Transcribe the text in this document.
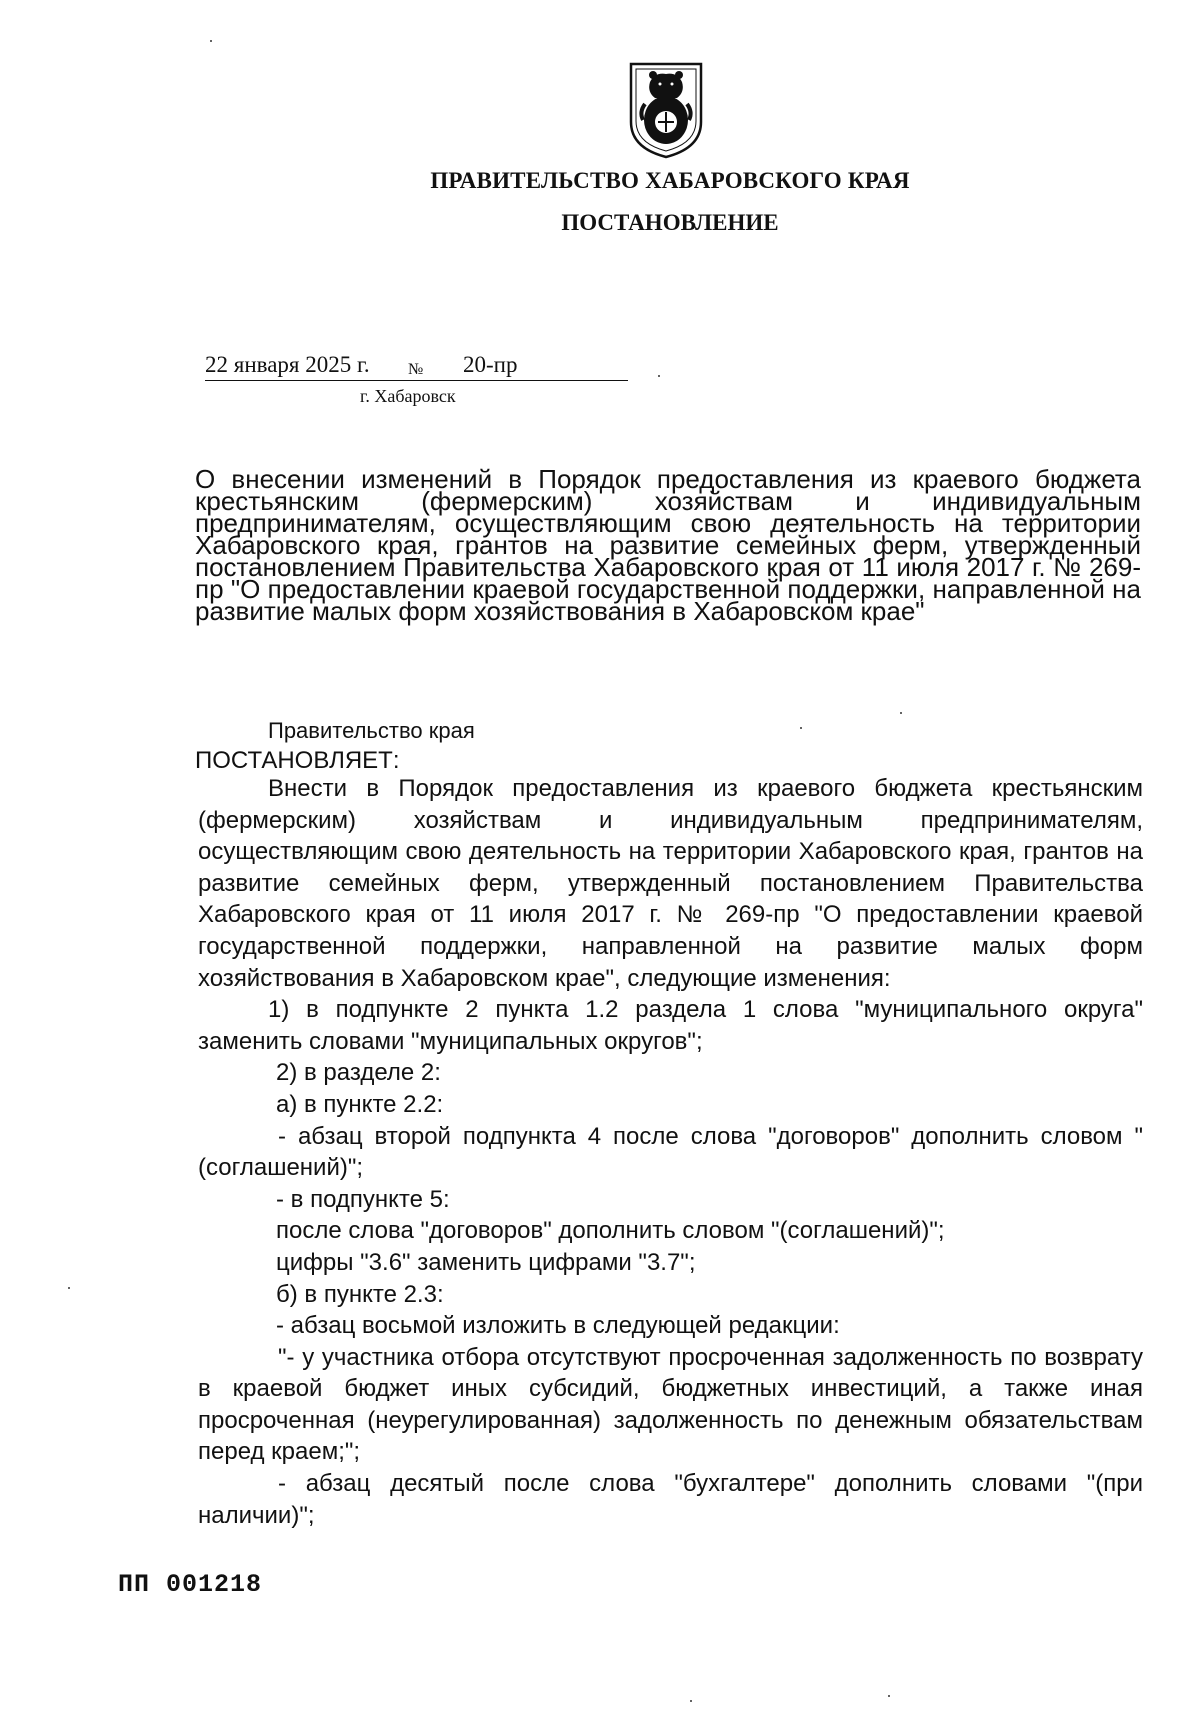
ПРАВИТЕЛЬСТВО ХАБАРОВСКОГО КРАЯ
ПОСТАНОВЛЕНИЕ
22 января 2025 г. № 20-пр
г. Хабаровск
О внесении изменений в Порядок предоставления из краевого бюджета крестьянским (фермерским) хозяйствам и индивидуальным предпринимателям, осуществляющим свою деятельность на территории Хабаровского края, грантов на развитие семейных ферм, утвержденный постановлением Правительства Хабаровского края от 11 июля 2017 г. № 269-пр "О предоставлении краевой государственной поддержки, направленной на развитие малых форм хозяйствования в Хабаровском крае"
Правительство края
ПОСТАНОВЛЯЕТ:

Внести в Порядок предоставления из краевого бюджета крестьянским (фермерским) хозяйствам и индивидуальным предпринимателям, осуществляющим свою деятельность на территории Хабаровского края, грантов на развитие семейных ферм, утвержденный постановлением Правительства Хабаровского края от 11 июля 2017 г. № 269-пр "О предоставлении краевой государственной поддержки, направленной на развитие малых форм хозяйствования в Хабаровском крае", следующие изменения:

1) в подпункте 2 пункта 1.2 раздела 1 слова "муниципального округа" заменить словами "муниципальных округов";

2) в разделе 2:

а) в пункте 2.2:

- абзац второй подпункта 4 после слова "договоров" дополнить словом "(соглашений)";

- в подпункте 5:

после слова "договоров" дополнить словом "(соглашений)";

цифры "3.6" заменить цифрами "3.7";

б) в пункте 2.3:

- абзац восьмой изложить в следующей редакции:

"- у участника отбора отсутствуют просроченная задолженность по возврату в краевой бюджет иных субсидий, бюджетных инвестиций, а также иная просроченная (неурегулированная) задолженность по денежным обязательствам перед краем;";

- абзац десятый после слова "бухгалтере" дополнить словами "(при наличии)";

ПП 001218
